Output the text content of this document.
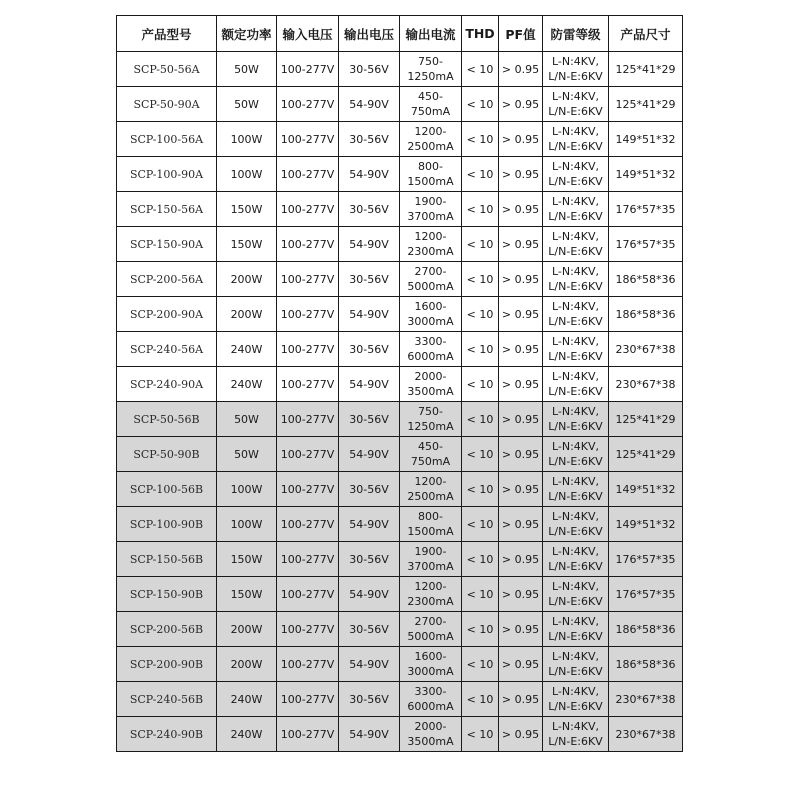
产品型号	额定功率	输入电压	输出电压	输出电流	THD	PF值	防雷等级	产品尺寸
SCP-50-56A	50W	100-277V	30-56V	750-
1250mA	< 10	> 0.95	L-N:4KV,
L/N-E:6KV	125*41*29
SCP-50-90A	50W	100-277V	54-90V	450-
750mA	< 10	> 0.95	L-N:4KV,
L/N-E:6KV	125*41*29
SCP-100-56A	100W	100-277V	30-56V	1200-
2500mA	< 10	> 0.95	L-N:4KV,
L/N-E:6KV	149*51*32
SCP-100-90A	100W	100-277V	54-90V	800-
1500mA	< 10	> 0.95	L-N:4KV,
L/N-E:6KV	149*51*32
SCP-150-56A	150W	100-277V	30-56V	1900-
3700mA	< 10	> 0.95	L-N:4KV,
L/N-E:6KV	176*57*35
SCP-150-90A	150W	100-277V	54-90V	1200-
2300mA	< 10	> 0.95	L-N:4KV,
L/N-E:6KV	176*57*35
SCP-200-56A	200W	100-277V	30-56V	2700-
5000mA	< 10	> 0.95	L-N:4KV,
L/N-E:6KV	186*58*36
SCP-200-90A	200W	100-277V	54-90V	1600-
3000mA	< 10	> 0.95	L-N:4KV,
L/N-E:6KV	186*58*36
SCP-240-56A	240W	100-277V	30-56V	3300-
6000mA	< 10	> 0.95	L-N:4KV,
L/N-E:6KV	230*67*38
SCP-240-90A	240W	100-277V	54-90V	2000-
3500mA	< 10	> 0.95	L-N:4KV,
L/N-E:6KV	230*67*38
SCP-50-56B	50W	100-277V	30-56V	750-
1250mA	< 10	> 0.95	L-N:4KV,
L/N-E:6KV	125*41*29
SCP-50-90B	50W	100-277V	54-90V	450-
750mA	< 10	> 0.95	L-N:4KV,
L/N-E:6KV	125*41*29
SCP-100-56B	100W	100-277V	30-56V	1200-
2500mA	< 10	> 0.95	L-N:4KV,
L/N-E:6KV	149*51*32
SCP-100-90B	100W	100-277V	54-90V	800-
1500mA	< 10	> 0.95	L-N:4KV,
L/N-E:6KV	149*51*32
SCP-150-56B	150W	100-277V	30-56V	1900-
3700mA	< 10	> 0.95	L-N:4KV,
L/N-E:6KV	176*57*35
SCP-150-90B	150W	100-277V	54-90V	1200-
2300mA	< 10	> 0.95	L-N:4KV,
L/N-E:6KV	176*57*35
SCP-200-56B	200W	100-277V	30-56V	2700-
5000mA	< 10	> 0.95	L-N:4KV,
L/N-E:6KV	186*58*36
SCP-200-90B	200W	100-277V	54-90V	1600-
3000mA	< 10	> 0.95	L-N:4KV,
L/N-E:6KV	186*58*36
SCP-240-56B	240W	100-277V	30-56V	3300-
6000mA	< 10	> 0.95	L-N:4KV,
L/N-E:6KV	230*67*38
SCP-240-90B	240W	100-277V	54-90V	2000-
3500mA	< 10	> 0.95	L-N:4KV,
L/N-E:6KV	230*67*38
